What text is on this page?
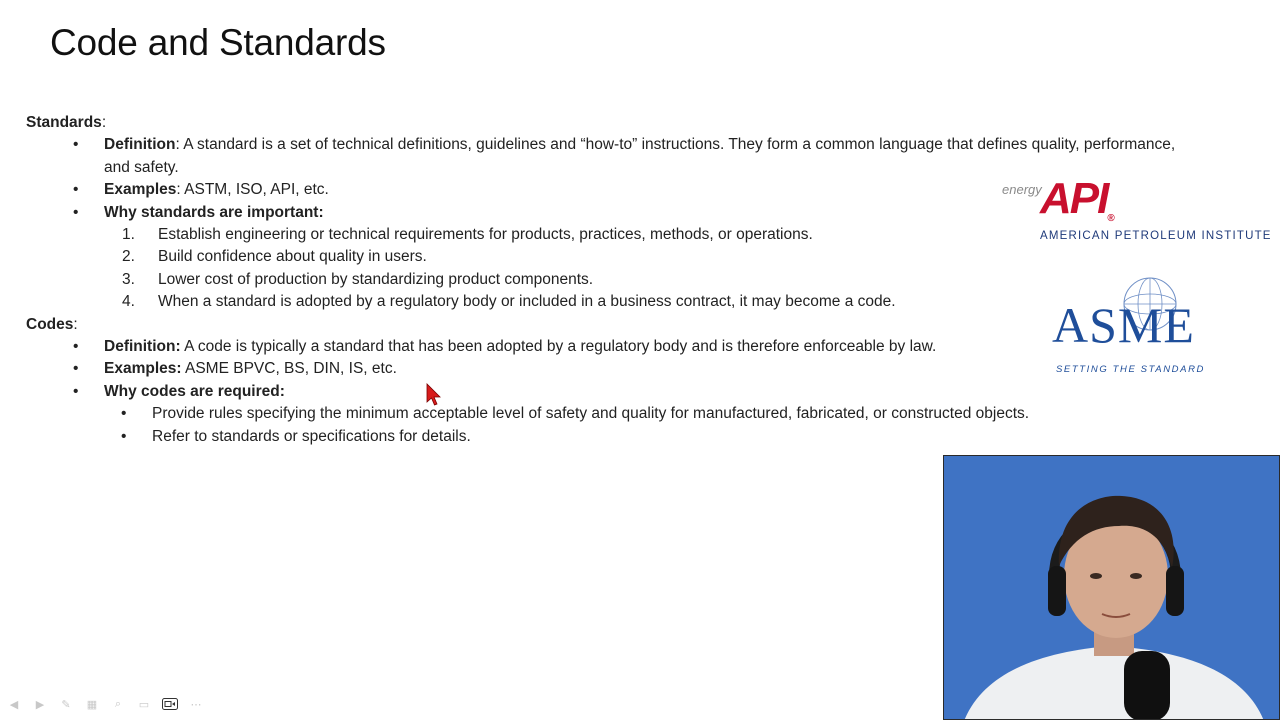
Code and Standards

Standards:

• Definition: A standard is a set of technical definitions, guidelines and “how-to” instructions. They form a common language that defines quality, performance, and safety.
• Examples: ASTM, ISO, API, etc.
• Why standards are important:
1. Establish engineering or technical requirements for products, practices, methods, or operations.
2. Build confidence about quality in users.
3. Lower cost of production by standardizing product components.
4. When a standard is adopted by a regulatory body or included in a business contract, it may become a code.

Codes:

• Definition: A code is typically a standard that has been adopted by a regulatory body and is therefore enforceable by law.
• Examples: ASME BPVC, BS, DIN, IS, etc.
• Why codes are required:
• Provide rules specifying the minimum acceptable level of safety and quality for manufactured, fabricated, or constructed objects.
• Refer to standards or specifications for details.
energy
API®
AMERICAN PETROLEUM INSTITUTE
ASME
SETTING THE STANDARD
◀	▶	✎	▦	⌕	▭	⋯
